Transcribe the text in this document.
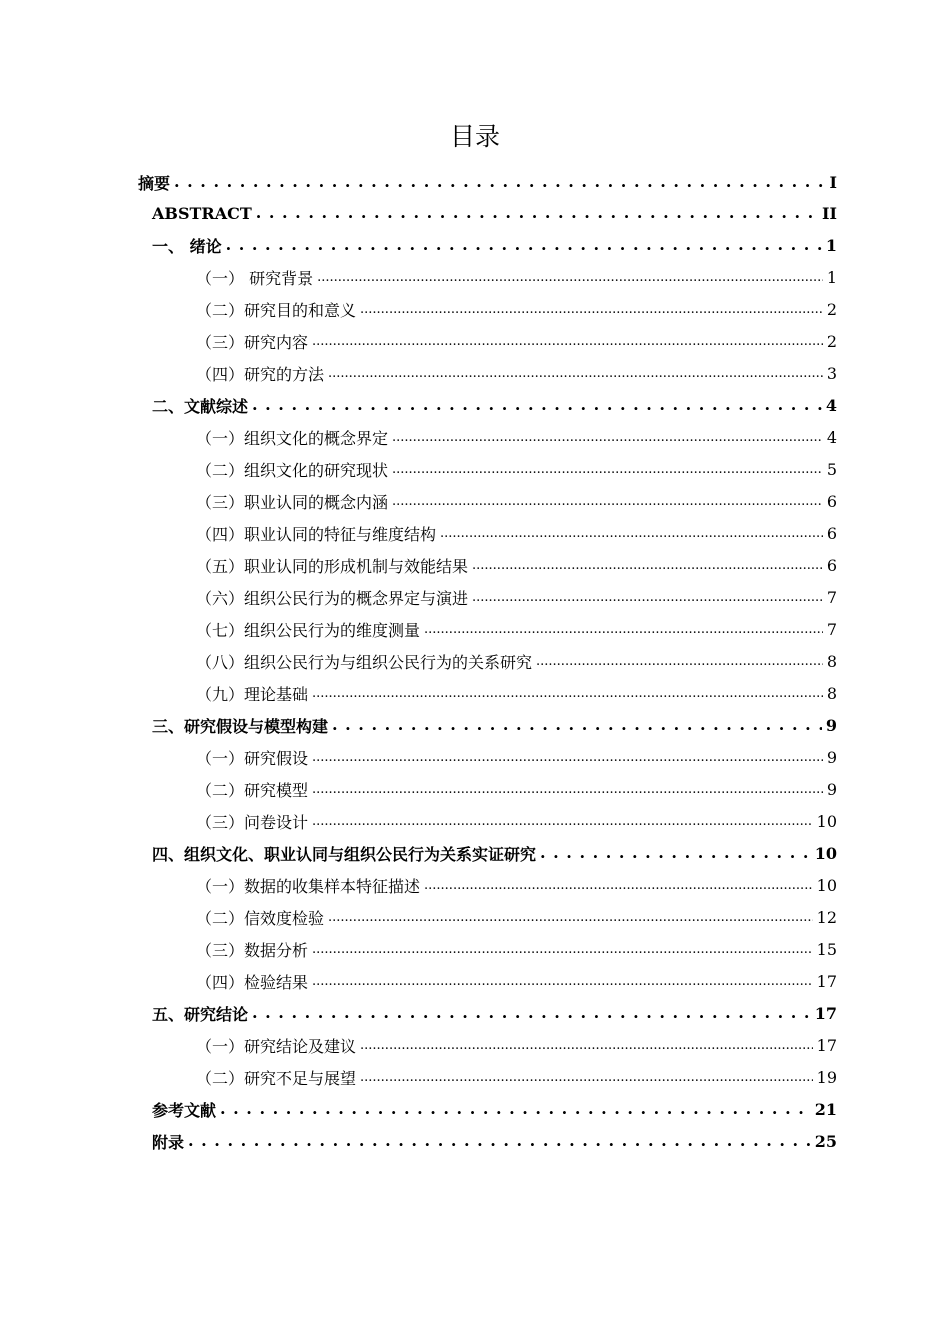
目录
摘要 . . .	I
ABSTRACT . . .	II
一、 绪论 . . .	1
（一） 研究背景 .....	1
（二）研究目的和意义 .....	2
（三）研究内容 .....	2
（四）研究的方法 .....	3
二、文献综述 . . .	4
（一）组织文化的概念界定 .....	4
（二）组织文化的研究现状 .....	5
（三）职业认同的概念内涵 .....	6
（四）职业认同的特征与维度结构 .....	6
（五）职业认同的形成机制与效能结果 .....	6
（六）组织公民行为的概念界定与演进 .....	7
（七）组织公民行为的维度测量 .....	7
（八）组织公民行为与组织公民行为的关系研究 .....	8
（九）理论基础 .....	8
三、研究假设与模型构建 . . .	9
（一）研究假设 .....	9
（二）研究模型 .....	9
（三）问卷设计 .....	10
四、组织文化、职业认同与组织公民行为关系实证研究 . . .	10
（一）数据的收集样本特征描述 .....	10
（二）信效度检验 .....	12
（三）数据分析 .....	15
（四）检验结果 .....	17
五、研究结论 . . .	17
（一）研究结论及建议 .....	17
（二）研究不足与展望 .....	19
参考文献 . . .	21
附录 . . .	25
